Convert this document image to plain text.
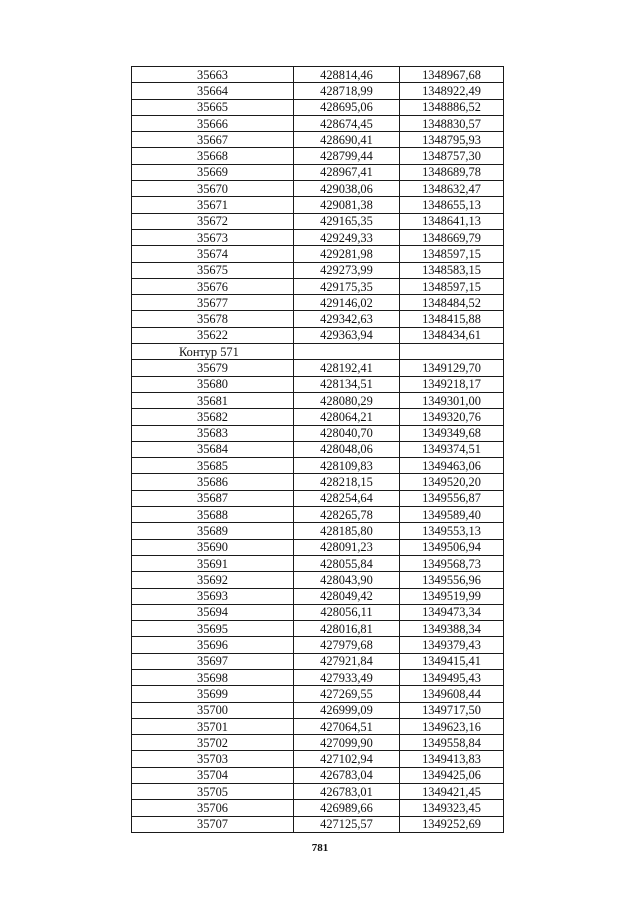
35663	428814,46	1348967,68
35664	428718,99	1348922,49
35665	428695,06	1348886,52
35666	428674,45	1348830,57
35667	428690,41	1348795,93
35668	428799,44	1348757,30
35669	428967,41	1348689,78
35670	429038,06	1348632,47
35671	429081,38	1348655,13
35672	429165,35	1348641,13
35673	429249,33	1348669,79
35674	429281,98	1348597,15
35675	429273,99	1348583,15
35676	429175,35	1348597,15
35677	429146,02	1348484,52
35678	429342,63	1348415,88
35622	429363,94	1348434,61
Контур 571		
35679	428192,41	1349129,70
35680	428134,51	1349218,17
35681	428080,29	1349301,00
35682	428064,21	1349320,76
35683	428040,70	1349349,68
35684	428048,06	1349374,51
35685	428109,83	1349463,06
35686	428218,15	1349520,20
35687	428254,64	1349556,87
35688	428265,78	1349589,40
35689	428185,80	1349553,13
35690	428091,23	1349506,94
35691	428055,84	1349568,73
35692	428043,90	1349556,96
35693	428049,42	1349519,99
35694	428056,11	1349473,34
35695	428016,81	1349388,34
35696	427979,68	1349379,43
35697	427921,84	1349415,41
35698	427933,49	1349495,43
35699	427269,55	1349608,44
35700	426999,09	1349717,50
35701	427064,51	1349623,16
35702	427099,90	1349558,84
35703	427102,94	1349413,83
35704	426783,04	1349425,06
35705	426783,01	1349421,45
35706	426989,66	1349323,45
35707	427125,57	1349252,69
781
